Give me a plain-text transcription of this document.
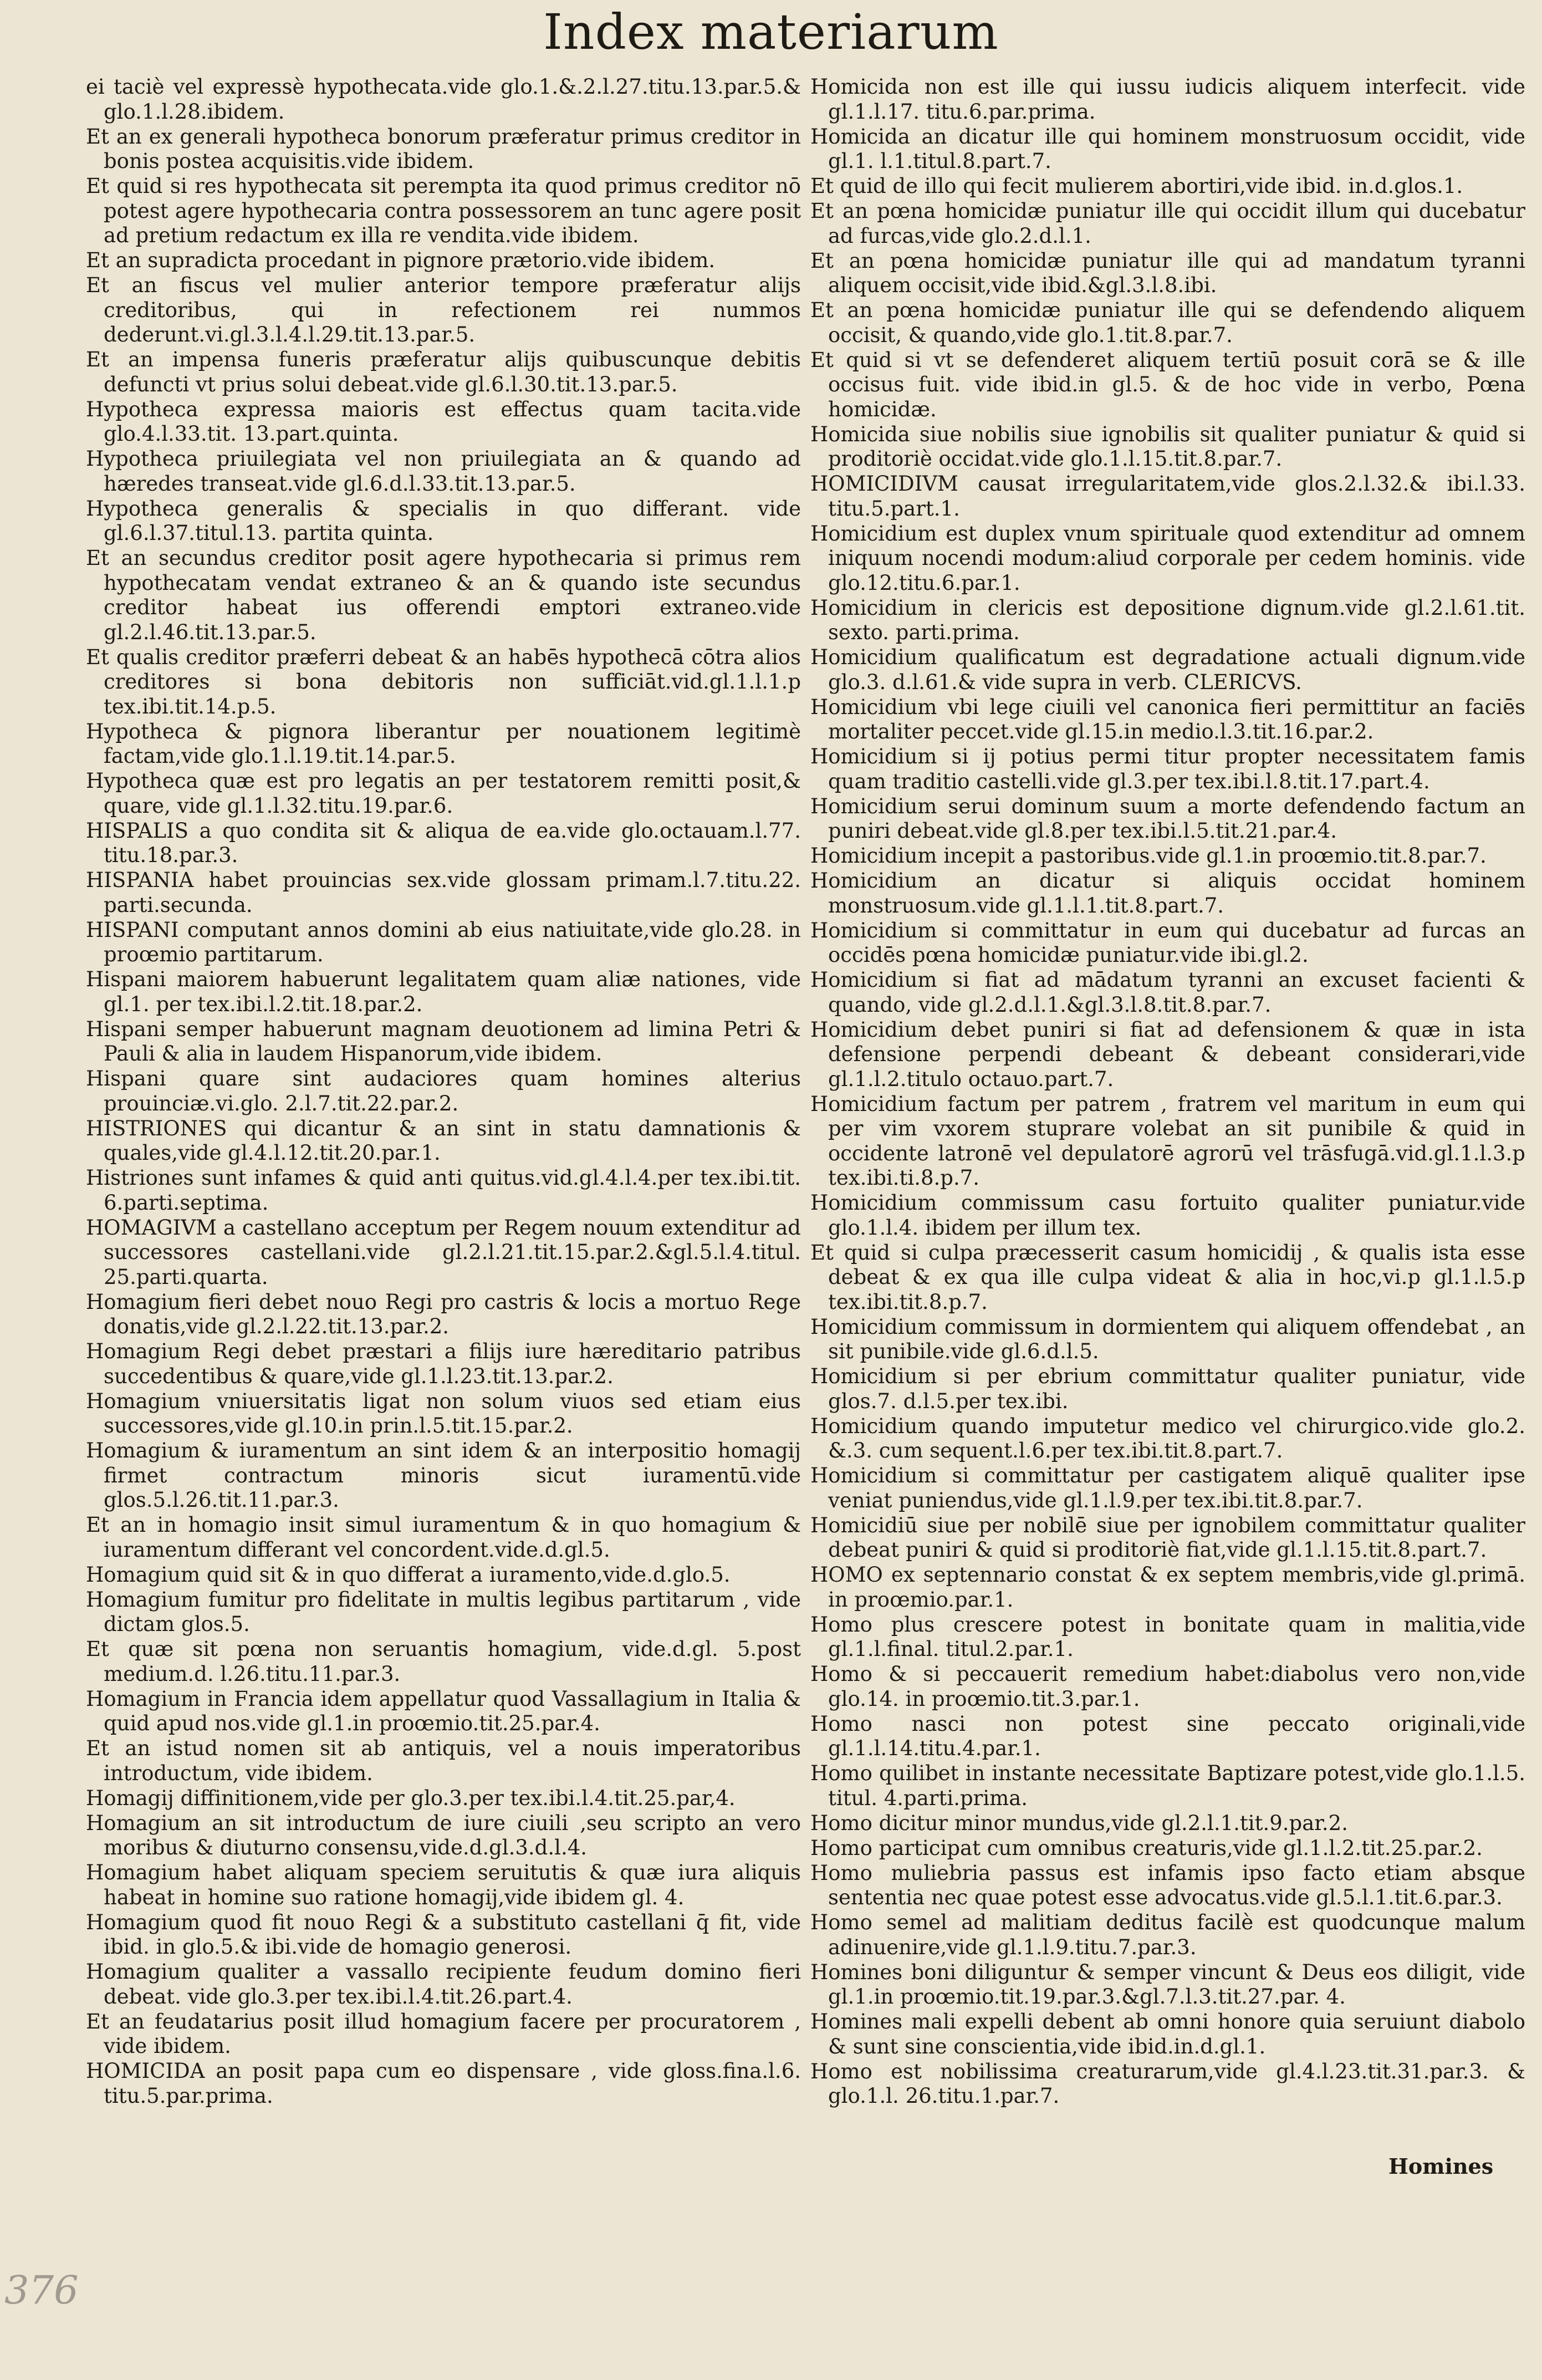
Index materiarum
ei taciè vel expressè hypothecata.vide glo.1.&.2.l.27.titu.13.par.5.& glo.1.l.28.ibidem.
Et an ex generali hypotheca bonorum præferatur primus creditor in bonis postea acquisitis.vide ibidem.
Et quid si res hypothecata sit perempta ita quod primus creditor nō potest agere hypothecaria contra possessorem an tunc agere posit ad pretium redactum ex illa re vendita.vide ibidem.
Et an supradicta procedant in pignore prætorio.vide ibidem.
Et an fiscus vel mulier anterior tempore præferatur alijs creditoribus, qui in refectionem rei nummos dederunt.vi.gl.3.l.4.l.29.tit.13.par.5.
Et an impensa funeris præferatur alijs quibuscunque debitis defuncti vt prius solui debeat.vide gl.6.l.30.tit.13.par.5.
Hypotheca expressa maioris est effectus quam tacita.vide glo.4.l.33.tit. 13.part.quinta.
Hypotheca priuilegiata vel non priuilegiata an & quando ad hæredes transeat.vide gl.6.d.l.33.tit.13.par.5.
Hypotheca generalis & specialis in quo differant. vide gl.6.l.37.titul.13. partita quinta.
Et an secundus creditor posit agere hypothecaria si primus rem hypothecatam vendat extraneo & an & quando iste secundus creditor habeat ius offerendi emptori extraneo.vide gl.2.l.46.tit.13.par.5.
Et qualis creditor præferri debeat & an habēs hypothecā cōtra alios creditores si bona debitoris non sufficiāt.vid.gl.1.l.1.p tex.ibi.tit.14.p.5.
Hypotheca & pignora liberantur per nouationem legitimè factam,vide glo.1.l.19.tit.14.par.5.
Hypotheca quæ est pro legatis an per testatorem remitti posit,& quare, vide gl.1.l.32.titu.19.par.6.
HISPALIS a quo condita sit & aliqua de ea.vide glo.octauam.l.77. titu.18.par.3.
HISPANIA habet prouincias sex.vide glossam primam.l.7.titu.22. parti.secunda.
HISPANI computant annos domini ab eius natiuitate,vide glo.28. in proœmio partitarum.
Hispani maiorem habuerunt legalitatem quam aliæ nationes, vide gl.1. per tex.ibi.l.2.tit.18.par.2.
Hispani semper habuerunt magnam deuotionem ad limina Petri & Pauli & alia in laudem Hispanorum,vide ibidem.
Hispani quare sint audaciores quam homines alterius prouinciæ.vi.glo. 2.l.7.tit.22.par.2.
HISTRIONES qui dicantur & an sint in statu damnationis & quales,vide gl.4.l.12.tit.20.par.1.
Histriones sunt infames & quid anti quitus.vid.gl.4.l.4.per tex.ibi.tit. 6.parti.septima.
HOMAGIVM a castellano acceptum per Regem nouum extenditur ad successores castellani.vide gl.2.l.21.tit.15.par.2.&gl.5.l.4.titul. 25.parti.quarta.
Homagium fieri debet nouo Regi pro castris & locis a mortuo Rege donatis,vide gl.2.l.22.tit.13.par.2.
Homagium Regi debet præstari a filijs iure hæreditario patribus succedentibus & quare,vide gl.1.l.23.tit.13.par.2.
Homagium vniuersitatis ligat non solum viuos sed etiam eius successores,vide gl.10.in prin.l.5.tit.15.par.2.
Homagium & iuramentum an sint idem & an interpositio homagij firmet contractum minoris sicut iuramentū.vide glos.5.l.26.tit.11.par.3.
Et an in homagio insit simul iuramentum & in quo homagium & iuramentum differant vel concordent.vide.d.gl.5.
Homagium quid sit & in quo differat a iuramento,vide.d.glo.5.
Homagium fumitur pro fidelitate in multis legibus partitarum , vide dictam glos.5.
Et quæ sit pœna non seruantis homagium, vide.d.gl. 5.post medium.d. l.26.titu.11.par.3.
Homagium in Francia idem appellatur quod Vassallagium in Italia & quid apud nos.vide gl.1.in proœmio.tit.25.par.4.
Et an istud nomen sit ab antiquis, vel a nouis imperatoribus introductum, vide ibidem.
Homagij diffinitionem,vide per glo.3.per tex.ibi.l.4.tit.25.par,4.
Homagium an sit introductum de iure ciuili ,seu scripto an vero moribus & diuturno consensu,vide.d.gl.3.d.l.4.
Homagium habet aliquam speciem seruitutis & quæ iura aliquis habeat in homine suo ratione homagij,vide ibidem gl. 4.
Homagium quod fit nouo Regi & a substituto castellani q̄ fit, vide ibid. in glo.5.& ibi.vide de homagio generosi.
Homagium qualiter a vassallo recipiente feudum domino fieri debeat. vide glo.3.per tex.ibi.l.4.tit.26.part.4.
Et an feudatarius posit illud homagium facere per procuratorem , vide ibidem.
HOMICIDA an posit papa cum eo dispensare , vide gloss.fina.l.6. titu.5.par.prima.
Homicida non est ille qui iussu iudicis aliquem interfecit. vide gl.1.l.17. titu.6.par.prima.
Homicida an dicatur ille qui hominem monstruosum occidit, vide gl.1. l.1.titul.8.part.7.
Et quid de illo qui fecit mulierem abortiri,vide ibid. in.d.glos.1.
Et an pœna homicidæ puniatur ille qui occidit illum qui ducebatur ad furcas,vide glo.2.d.l.1.
Et an pœna homicidæ puniatur ille qui ad mandatum tyranni aliquem occisit,vide ibid.&gl.3.l.8.ibi.
Et an pœna homicidæ puniatur ille qui se defendendo aliquem occisit, & quando,vide glo.1.tit.8.par.7.
Et quid si vt se defenderet aliquem tertiū posuit corā se & ille occisus fuit. vide ibid.in gl.5. & de hoc vide in verbo, Pœna homicidæ.
Homicida siue nobilis siue ignobilis sit qualiter puniatur & quid si proditoriè occidat.vide glo.1.l.15.tit.8.par.7.
HOMICIDIVM causat irregularitatem,vide glos.2.l.32.& ibi.l.33. titu.5.part.1.
Homicidium est duplex vnum spirituale quod extenditur ad omnem iniquum nocendi modum:aliud corporale per cedem hominis. vide glo.12.titu.6.par.1.
Homicidium in clericis est depositione dignum.vide gl.2.l.61.tit. sexto. parti.prima.
Homicidium qualificatum est degradatione actuali dignum.vide glo.3. d.l.61.& vide supra in verb. CLERICVS.
Homicidium vbi lege ciuili vel canonica fieri permittitur an faciēs mortaliter peccet.vide gl.15.in medio.l.3.tit.16.par.2.
Homicidium si ij potius permi titur propter necessitatem famis quam traditio castelli.vide gl.3.per tex.ibi.l.8.tit.17.part.4.
Homicidium serui dominum suum a morte defendendo factum an puniri debeat.vide gl.8.per tex.ibi.l.5.tit.21.par.4.
Homicidium incepit a pastoribus.vide gl.1.in proœmio.tit.8.par.7.
Homicidium an dicatur si aliquis occidat hominem monstruosum.vide gl.1.l.1.tit.8.part.7.
Homicidium si committatur in eum qui ducebatur ad furcas an occidēs pœna homicidæ puniatur.vide ibi.gl.2.
Homicidium si fiat ad mādatum tyranni an excuset facienti & quando, vide gl.2.d.l.1.&gl.3.l.8.tit.8.par.7.
Homicidium debet puniri si fiat ad defensionem & quæ in ista defensione perpendi debeant & debeant considerari,vide gl.1.l.2.titulo octauo.part.7.
Homicidium factum per patrem , fratrem vel maritum in eum qui per vim vxorem stuprare volebat an sit punibile & quid in occidente latronē vel depulatorē agrorū vel trāsfugā.vid.gl.1.l.3.p tex.ibi.ti.8.p.7.
Homicidium commissum casu fortuito qualiter puniatur.vide glo.1.l.4. ibidem per illum tex.
Et quid si culpa præcesserit casum homicidij , & qualis ista esse debeat & ex qua ille culpa videat & alia in hoc,vi.p gl.1.l.5.p tex.ibi.tit.8.p.7.
Homicidium commissum in dormientem qui aliquem offendebat , an sit punibile.vide gl.6.d.l.5.
Homicidium si per ebrium committatur qualiter puniatur, vide glos.7. d.l.5.per tex.ibi.
Homicidium quando imputetur medico vel chirurgico.vide glo.2. &.3. cum sequent.l.6.per tex.ibi.tit.8.part.7.
Homicidium si committatur per castigatem aliquē qualiter ipse veniat puniendus,vide gl.1.l.9.per tex.ibi.tit.8.par.7.
Homicidiū siue per nobilē siue per ignobilem committatur qualiter debeat puniri & quid si proditoriè fiat,vide gl.1.l.15.tit.8.part.7.
HOMO ex septennario constat & ex septem membris,vide gl.primā. in proœmio.par.1.
Homo plus crescere potest in bonitate quam in malitia,vide gl.1.l.final. titul.2.par.1.
Homo & si peccauerit remedium habet:diabolus vero non,vide glo.14. in proœmio.tit.3.par.1.
Homo nasci non potest sine peccato originali,vide gl.1.l.14.titu.4.par.1.
Homo quilibet in instante necessitate Baptizare potest,vide glo.1.l.5. titul. 4.parti.prima.
Homo dicitur minor mundus,vide gl.2.l.1.tit.9.par.2.
Homo participat cum omnibus creaturis,vide gl.1.l.2.tit.25.par.2.
Homo muliebria passus est infamis ipso facto etiam absque sententia nec quae potest esse advocatus.vide gl.5.l.1.tit.6.par.3.
Homo semel ad malitiam deditus facilè est quodcunque malum adinuenire,vide gl.1.l.9.titu.7.par.3.
Homines boni diliguntur & semper vincunt & Deus eos diligit, vide gl.1.in proœmio.tit.19.par.3.&gl.7.l.3.tit.27.par. 4.
Homines mali expelli debent ab omni honore quia seruiunt diabolo & sunt sine conscientia,vide ibid.in.d.gl.1.
Homo est nobilissima creaturarum,vide gl.4.l.23.tit.31.par.3. & glo.1.l. 26.titu.1.par.7.
Homines
376
